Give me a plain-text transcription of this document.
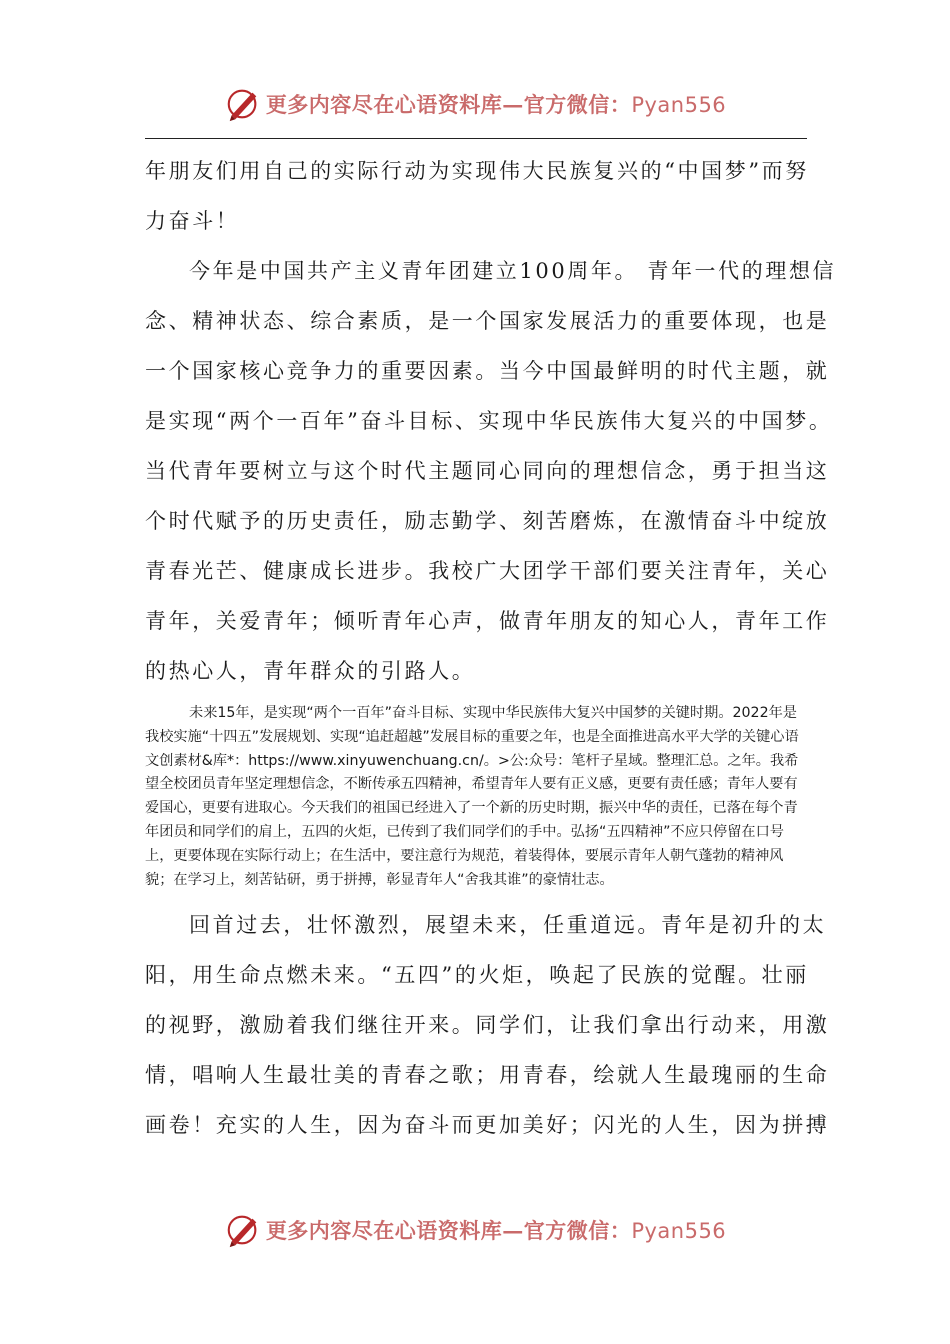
更多内容尽在心语资料库—官方微信：Pyan556

年朋友们用自己的实际行动为实现伟大民族复兴的“中国梦”而努

力奋斗！

今年是中国共产主义青年团建立100周年。 青年一代的理想信

念、精神状态、综合素质，是一个国家发展活力的重要体现，也是

一个国家核心竞争力的重要因素。当今中国最鲜明的时代主题，就

是实现“两个一百年”奋斗目标、实现中华民族伟大复兴的中国梦。

当代青年要树立与这个时代主题同心同向的理想信念，勇于担当这

个时代赋予的历史责任，励志勤学、刻苦磨炼，在激情奋斗中绽放

青春光芒、健康成长进步。我校广大团学干部们要关注青年，关心

青年，关爱青年；倾听青年心声，做青年朋友的知心人，青年工作

的热心人，青年群众的引路人。

未来15年，是实现“两个一百年”奋斗目标、实现中华民族伟大复兴中国梦的关键时期。2022年是我校实施“十四五”发展规划、实现“追赶超越”发展目标的重要之年，也是全面推进高水平大学的关键心语文创素材&库*：https://www.xinyuwenchuang.cn/。>公:众号：笔杆子星域。整理汇总。之年。我希望全校团员青年坚定理想信念，不断传承五四精神，希望青年人要有正义感，更要有责任感；青年人要有爱国心，更要有进取心。今天我们的祖国已经进入了一个新的历史时期，振兴中华的责任，已落在每个青年团员和同学们的肩上，五四的火炬，已传到了我们同学们的手中。弘扬“五四精神”不应只停留在口号上，更要体现在实际行动上；在生活中，要注意行为规范，着装得体，要展示青年人朝气蓬勃的精神风貌；在学习上，刻苦钻研，勇于拼搏，彰显青年人“舍我其谁”的豪情壮志。

回首过去，壮怀激烈，展望未来，任重道远。青年是初升的太

阳，用生命点燃未来。“五四”的火炬，唤起了民族的觉醒。壮丽

的视野，激励着我们继往开来。同学们，让我们拿出行动来，用激

情，唱响人生最壮美的青春之歌；用青春，绘就人生最瑰丽的生命

画卷！充实的人生，因为奋斗而更加美好；闪光的人生，因为拼搏

更多内容尽在心语资料库—官方微信：Pyan556
